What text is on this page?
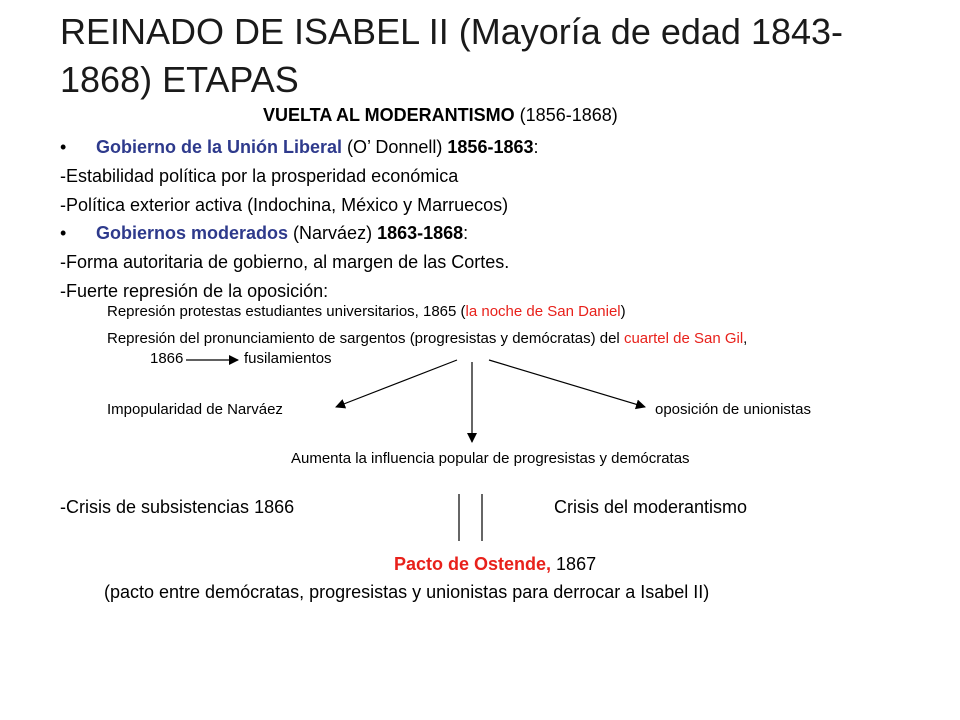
REINADO DE ISABEL II (Mayoría de edad 1843-1868) ETAPAS
VUELTA AL MODERANTISMO (1856-1868)
• Gobierno de la Unión Liberal (O’ Donnell) 1856-1863:
-Estabilidad política por la prosperidad económica
-Política exterior activa (Indochina, México y Marruecos)
• Gobiernos moderados (Narváez) 1863-1868:
-Forma autoritaria de gobierno, al margen de las Cortes.
-Fuerte represión de la oposición:
Represión protestas estudiantes universitarios, 1865 (la noche de San Daniel)
Represión del pronunciamiento de sargentos (progresistas y demócratas) del cuartel de San Gil,
1866	fusilamientos
Impopularidad de Narváez	oposición de unionistas
Aumenta la influencia popular de progresistas y demócratas
-Crisis de subsistencias 1866	Crisis del moderantismo
Pacto de Ostende, 1867
(pacto entre demócratas, progresistas y unionistas para derrocar a Isabel II)
